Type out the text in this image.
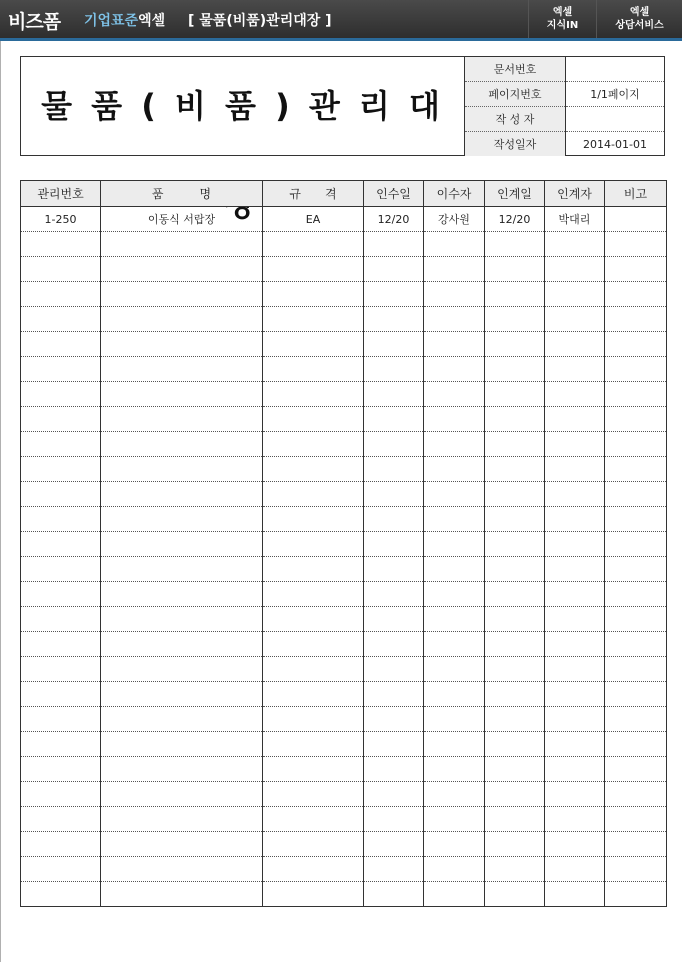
비즈폼 기업표준엑셀 [ 물품(비품)관리대장 ]
엑셀
지식IN
엑셀
상담서비스
물 품 ( 비 품 ) 관 리 대
문서번호	
페이지번호	1/1페이지
작 성 자	
작성일자	2014-01-01
관리번호	품　　　명	규　　격	인수일	이수자	인계일	인계자	비고
1-250	이동식 서랍장	EA	12/20	강사원	12/20	박대리	
